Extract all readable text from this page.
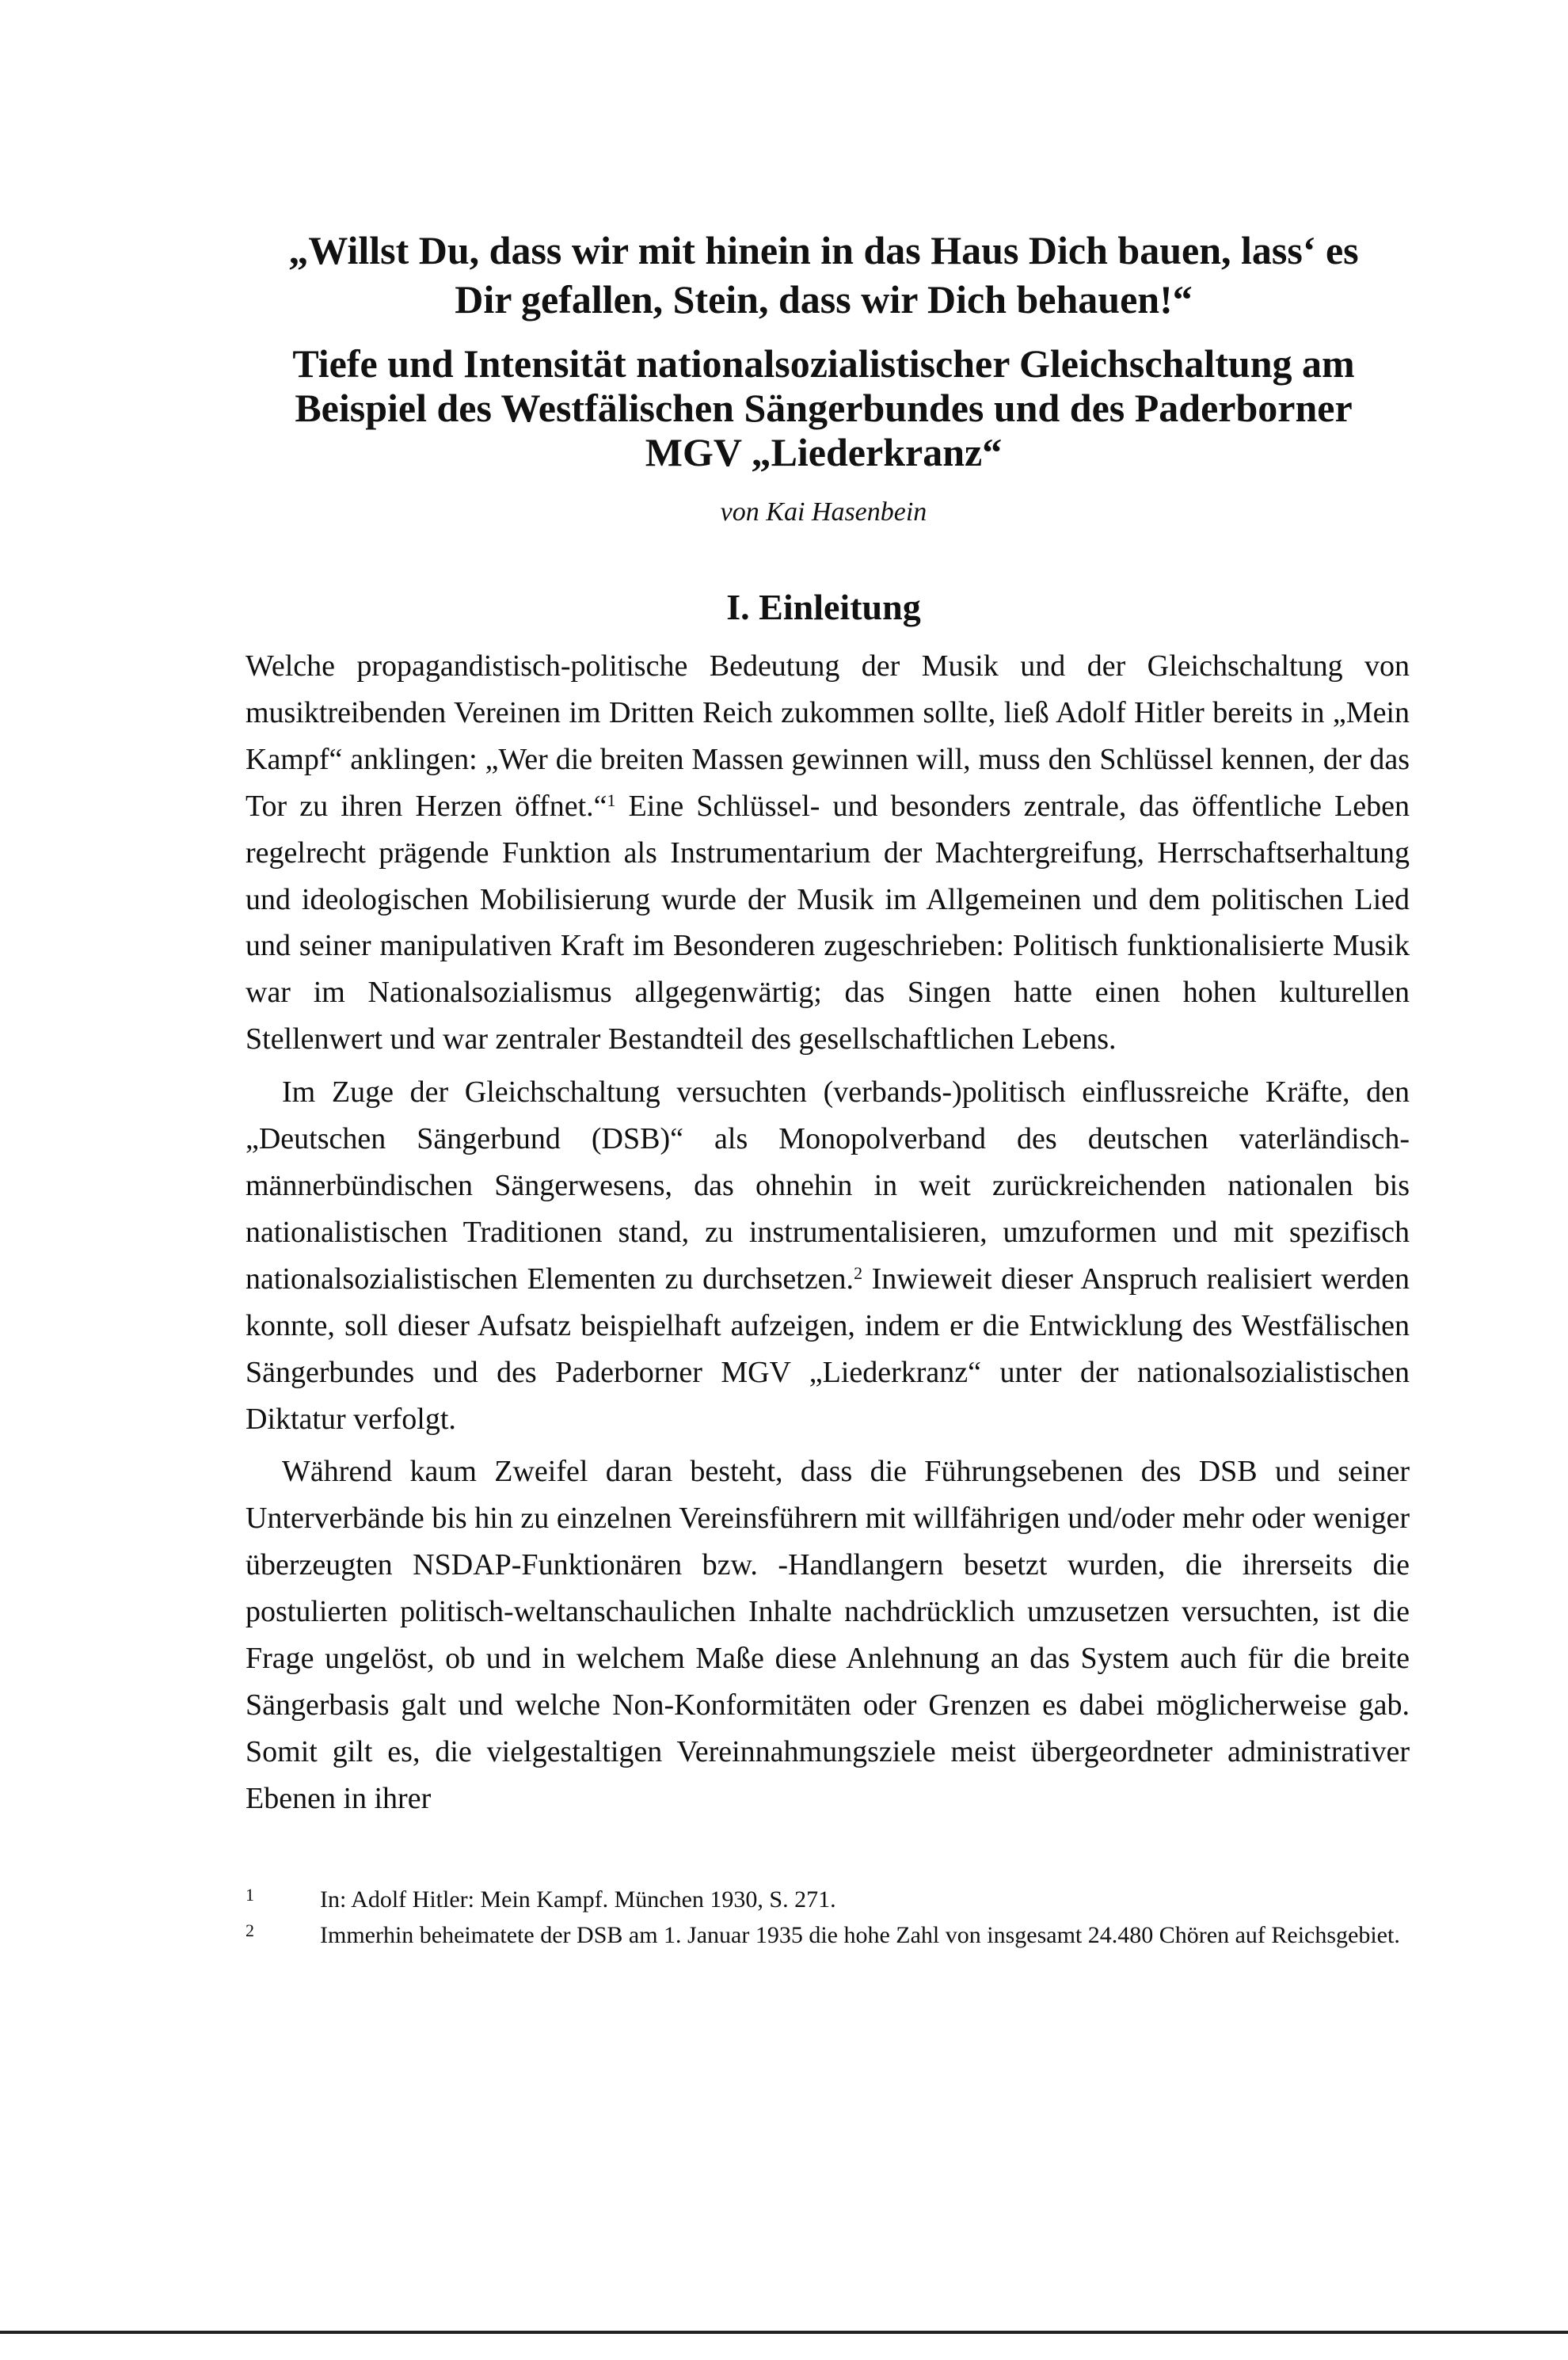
„Willst Du, dass wir mit hinein in das Haus Dich bauen, lass‘ es
Dir gefallen, Stein, dass wir Dich behauen!“
Tiefe und Intensität nationalsozialistischer Gleichschaltung am
Beispiel des Westfälischen Sängerbundes und des Paderborner
MGV „Liederkranz“
von Kai Hasenbein
I. Einleitung

Welche propagandistisch-politische Bedeutung der Musik und der Gleichschaltung von musiktreibenden Vereinen im Dritten Reich zukommen sollte, ließ Adolf Hitler bereits in „Mein Kampf“ anklingen: „Wer die breiten Massen gewinnen will, muss den Schlüssel kennen, der das Tor zu ihren Herzen öffnet.“$^1$ Eine Schlüssel- und besonders zentrale, das öffentliche Leben regelrecht prägende Funktion als Instrumentarium der Machtergreifung, Herrschaftserhaltung und ideologischen Mobilisierung wurde der Musik im Allgemeinen und dem politischen Lied und seiner manipulativen Kraft im Besonderen zugeschrieben: Politisch funktionalisierte Musik war im Nationalsozialismus allgegenwärtig; das Singen hatte einen hohen kulturellen Stellenwert und war zentraler Bestandteil des gesellschaftlichen Lebens.

Im Zuge der Gleichschaltung versuchten (verbands-)politisch einflussreiche Kräfte, den „Deutschen Sängerbund (DSB)“ als Monopolverband des deutschen vaterländisch-männerbündischen Sängerwesens, das ohnehin in weit zurückreichenden nationalen bis nationalistischen Traditionen stand, zu instrumentalisieren, umzuformen und mit spezifisch nationalsozialistischen Elementen zu durchsetzen.$^2$ Inwieweit dieser Anspruch realisiert werden konnte, soll dieser Aufsatz beispielhaft aufzeigen, indem er die Entwicklung des Westfälischen Sängerbundes und des Paderborner MGV „Liederkranz“ unter der nationalsozialistischen Diktatur verfolgt.

Während kaum Zweifel daran besteht, dass die Führungsebenen des DSB und seiner Unterverbände bis hin zu einzelnen Vereinsführern mit willfährigen und/oder mehr oder weniger überzeugten NSDAP-Funktionären bzw. -Handlangern besetzt wurden, die ihrerseits die postulierten politisch-weltanschaulichen Inhalte nachdrücklich umzusetzen versuchten, ist die Frage ungelöst, ob und in welchem Maße diese Anlehnung an das System auch für die breite Sängerbasis galt und welche Non-Konformitäten oder Grenzen es dabei möglicherweise gab. Somit gilt es, die vielgestaltigen Vereinnahmungsziele meist übergeordneter administrativer Ebenen in ihrer

1	In: Adolf Hitler: Mein Kampf. München 1930, S. 271.
2	Immerhin beheimatete der DSB am 1. Januar 1935 die hohe Zahl von insgesamt 24.480 Chören auf Reichsgebiet.
